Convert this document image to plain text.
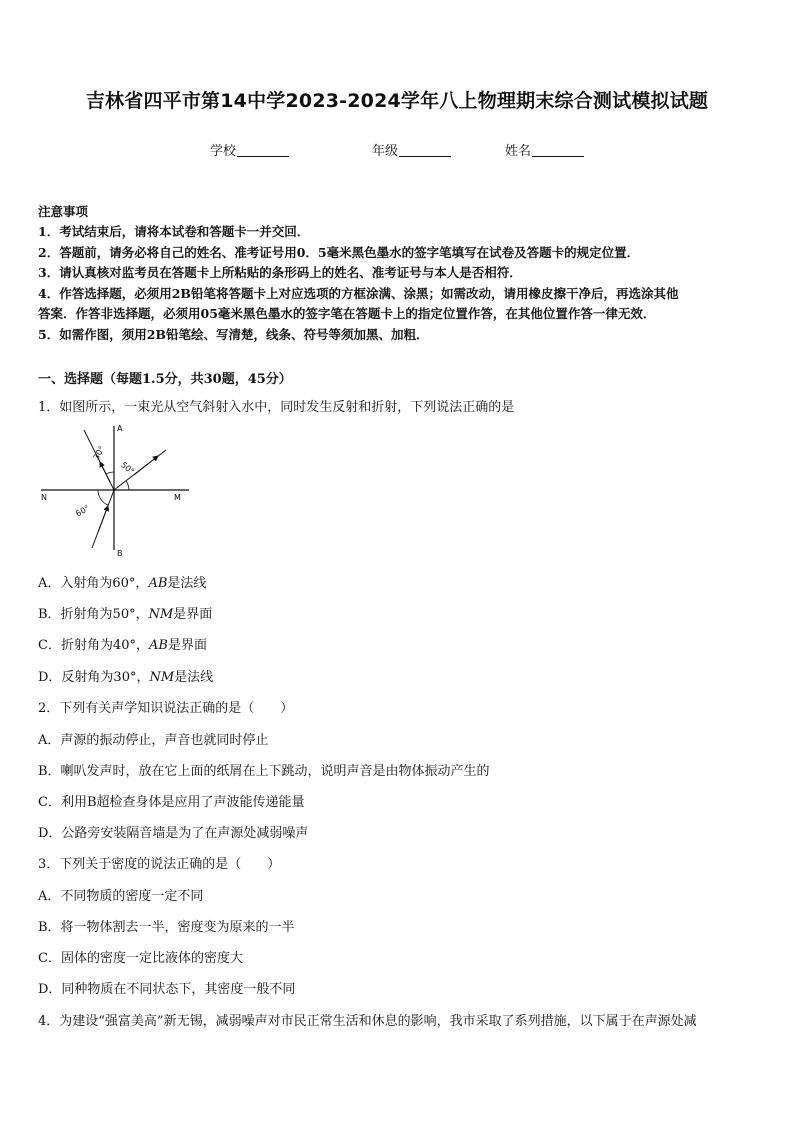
吉林省四平市第14中学2023-2024学年八上物理期末综合测试模拟试题
学校	年级	姓名
注意事项

1．考试结束后，请将本试卷和答题卡一并交回．

2．答题前，请务必将自己的姓名、准考证号用0．5毫米黑色墨水的签字笔填写在试卷及答题卡的规定位置．

3．请认真核对监考员在答题卡上所粘贴的条形码上的姓名、准考证号与本人是否相符．

4．作答选择题，必须用2B铅笔将答题卡上对应选项的方框涂满、涂黑；如需改动，请用橡皮擦干净后，再选涂其他

答案．作答非选择题，必须用05毫米黑色墨水的签字笔在答题卡上的指定位置作答，在其他位置作答一律无效．

5．如需作图，须用2B铅笔绘、写清楚，线条、符号等须加黑、加粗．

一、选择题（每题1.5分，共30题，45分）
1．如图所示，一束光从空气斜射入水中，同时发生反射和折射，下列说法正确的是
A
B
N	M
30°
50°
60°
A．入射角为60°，AB是法线
B．折射角为50°，NM是界面
C．折射角为40°，AB是界面
D．反射角为30°，NM是法线
2．下列有关声学知识说法正确的是（　　）
A．声源的振动停止，声音也就同时停止
B．喇叭发声时，放在它上面的纸屑在上下跳动，说明声音是由物体振动产生的
C．利用B超检查身体是应用了声波能传递能量
D．公路旁安装隔音墙是为了在声源处减弱噪声
3．下列关于密度的说法正确的是（　　）
A．不同物质的密度一定不同
B．将一物体割去一半，密度变为原来的一半
C．固体的密度一定比液体的密度大
D．同种物质在不同状态下，其密度一般不同
4．为建设“强富美高”新无锡，减弱噪声对市民正常生活和休息的影响，我市采取了系列措施，以下属于在声源处减
